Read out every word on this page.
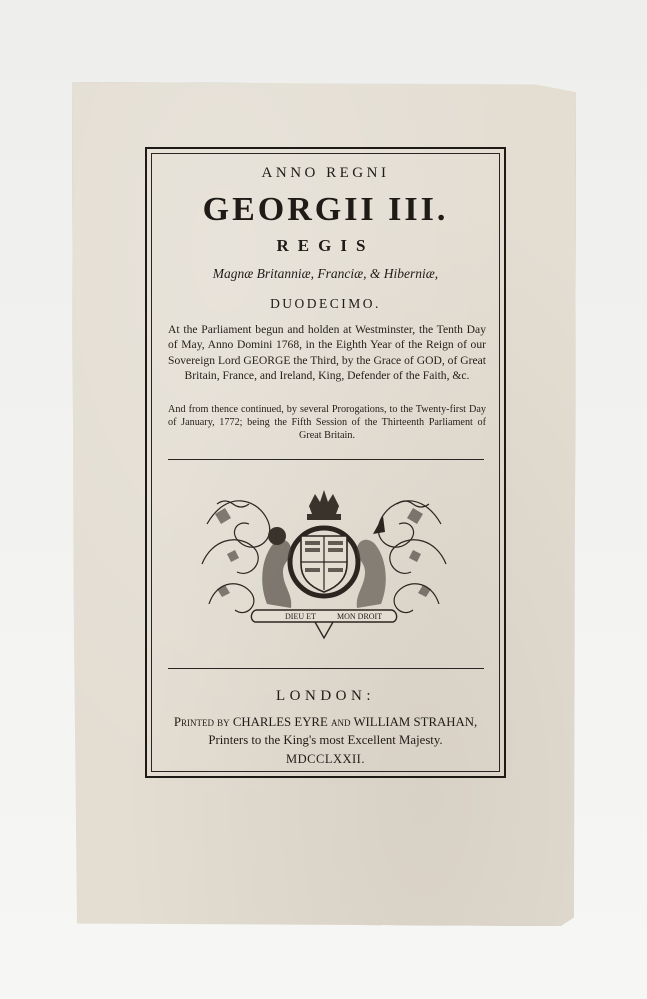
ANNO REGNI
GEORGII III.
REGIS
Magnæ Britanniæ, Franciæ, & Hiberniæ,
DUODECIMO.
At the Parliament begun and holden at Westminster, the Tenth Day of May, Anno Domini 1768, in the Eighth Year of the Reign of our Sovereign Lord GEORGE the Third, by the Grace of GOD, of Great Britain, France, and Ireland, King, Defender of the Faith, &c.
And from thence continued, by several Prorogations, to the Twenty-first Day of January, 1772; being the Fifth Session of the Thirteenth Parliament of Great Britain.
DIEU ET	MON DROIT
LONDON:
Printed by CHARLES EYRE and WILLIAM STRAHAN,
Printers to the King's most Excellent Majesty.
MDCCLXXII.
